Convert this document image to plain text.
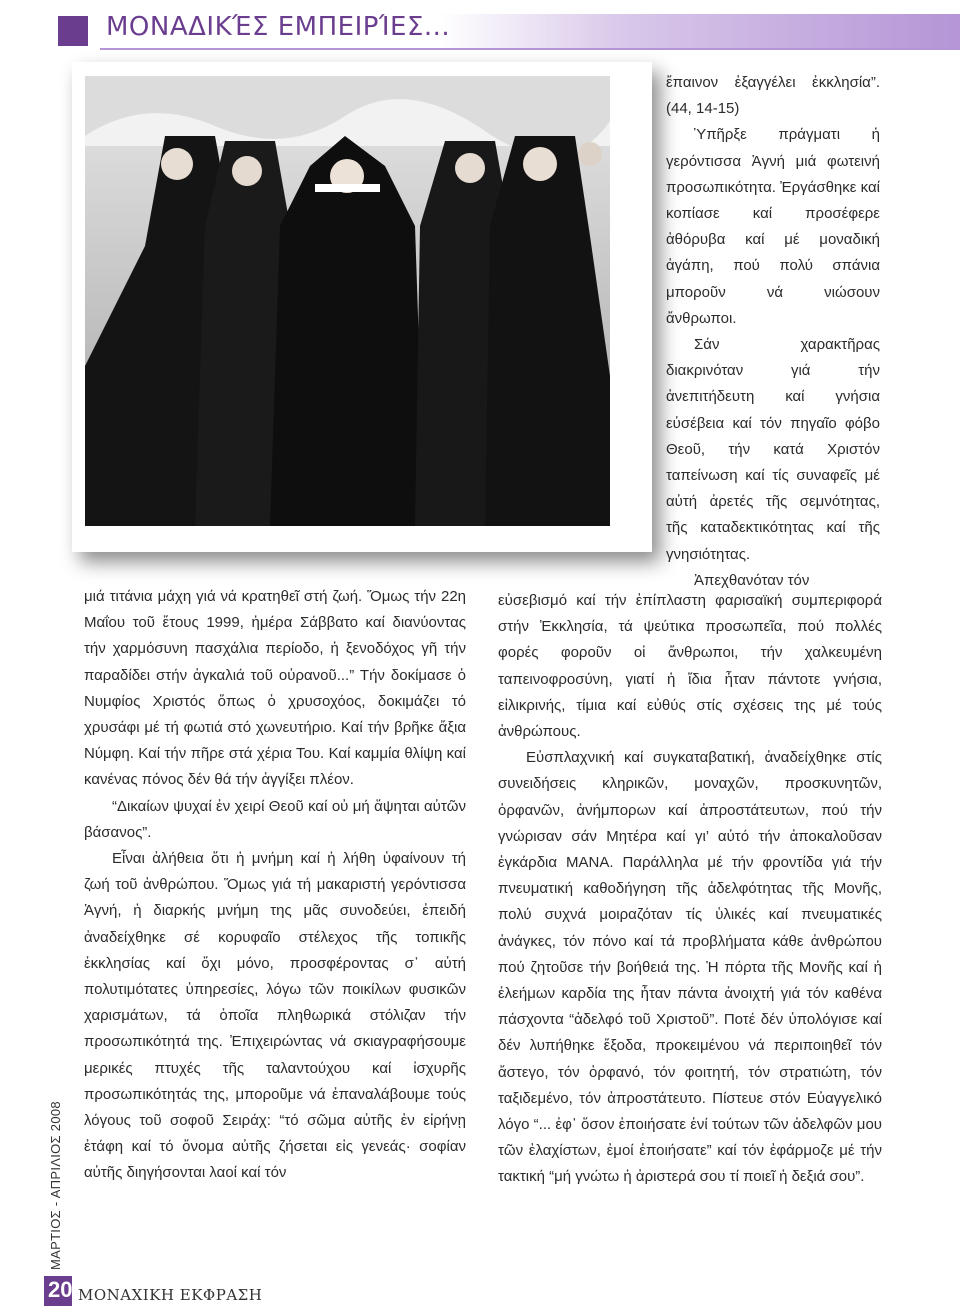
ΜΟΝΑΔΙΚΈΣ ΕΜΠΕΙΡΊΕΣ...

ἔπαινον ἐξαγγέλει ἐκκλησία”. (44, 14-15)

Ὑπῆρξε πράγματι ἡ γερόντισσα Ἁγνή μιά φωτεινή προσωπικότητα. Ἐργάσθηκε καί κοπίασε καί προσέφερε ἀθόρυβα καί μέ μοναδική ἀγάπη, πού πολύ σπάνια μποροῦν νά νιώσουν ἄνθρωποι.

Σάν χαρακτῆρας διακρινόταν γιά τήν ἀνεπιτήδευτη καί γνήσια εὐσέβεια καί τόν πηγαῖο φόβο Θεοῦ, τήν κατά Χριστόν ταπείνωση καί τίς συναφεῖς μέ αὐτή ἀρετές τῆς σεμνότητας, τῆς καταδεκτικότητας καί τῆς γνησιότητας.

Ἀπεχθανόταν τόν

εὐσεβισμό καί τήν ἐπίπλαστη φαρισαϊκή συμπεριφορά στήν Ἐκκλησία, τά ψεύτικα προσωπεῖα, πού πολλές φορές φοροῦν οἱ ἄνθρωποι, τήν χαλκευμένη ταπεινοφροσύνη, γιατί ἡ ἴδια ἦταν πάντοτε γνήσια, εἰλικρινής, τίμια καί εὐθύς στίς σχέσεις της μέ τούς ἀνθρώπους.

Εὐσπλαχνική καί συγκαταβατική, ἀναδείχθηκε στίς συνειδήσεις κληρικῶν, μοναχῶν, προσκυνητῶν, ὀρφανῶν, ἀνήμπορων καί ἀπροστάτευτων, πού τήν γνώρισαν σάν Μητέρα καί γι’ αὐτό τήν ἀποκαλοῦσαν ἐγκάρδια ΜΑΝΑ. Παράλληλα μέ τήν φροντίδα γιά τήν πνευματική καθοδήγηση τῆς ἀδελφότητας τῆς Μονῆς, πολύ συχνά μοιραζόταν τίς ὑλικές καί πνευματικές ἀνάγκες, τόν πόνο καί τά προβλήματα κάθε ἀνθρώπου πού ζητοῦσε τήν βοήθειά της. Ἡ πόρτα τῆς Μονῆς καί ἡ ἐλεήμων καρδία της ἦταν πάντα ἀνοιχτή γιά τόν καθένα πάσχοντα “ἀδελφό τοῦ Χριστοῦ”. Ποτέ δέν ὑπολόγισε καί δέν λυπήθηκε ἔξοδα, προκειμένου νά περιποιηθεῖ τόν ἄστεγο, τόν ὀρφανό, τόν φοιτητή, τόν στρατιώτη, τόν ταξιδεμένο, τόν ἀπροστάτευτο. Πίστευε στόν Εὐαγγελικό λόγο “... ἐφ᾿ ὅσον ἐποιήσατε ἑνί τούτων τῶν ἀδελφῶν μου τῶν ἐλαχίστων, ἐμοί ἐποιήσατε” καί τόν ἐφάρμοζε μέ τήν τακτική “μή γνώτω ἡ ἀριστερά σου τί ποιεῖ ἡ δεξιά σου”.

μιά τιτάνια μάχη γιά νά κρατηθεῖ στή ζωή. Ὅμως τήν 22η Μαΐου τοῦ ἔτους 1999, ἡμέρα Σάββατο καί διανύοντας τήν χαρμόσυνη πασχάλια περίοδο, ἡ ξενοδόχος γῆ τήν παραδίδει στήν ἀγκαλιά τοῦ οὐρανοῦ...” Τήν δοκίμασε ὁ Νυμφίος Χριστός ὅπως ὁ χρυσοχόος, δοκιμάζει τό χρυσάφι μέ τή φωτιά στό χωνευτήριο. Καί τήν βρῆκε ἄξια Νύμφη. Καί τήν πῆρε στά χέρια Του. Καί καμμία θλίψη καί κανένας πόνος δέν θά τήν ἀγγίξει πλέον.

“Δικαίων ψυχαί ἐν χειρί Θεοῦ καί οὐ μή ἅψηται αὐτῶν βάσανος”.

Εἶναι ἀλήθεια ὅτι ἡ μνήμη καί ἡ λήθη ὑφαίνουν τή ζωή τοῦ ἀνθρώπου. Ὅμως γιά τή μακαριστή γερόντισσα Ἁγνή, ἡ διαρκής μνήμη της μᾶς συνοδεύει, ἐπειδή ἀναδείχθηκε σέ κορυφαῖο στέλεχος τῆς τοπικῆς ἐκκλησίας καί ὄχι μόνο, προσφέροντας σ᾿ αὐτή πολυτιμότατες ὑπηρεσίες, λόγω τῶν ποικίλων φυσικῶν χαρισμάτων, τά ὁποῖα πληθωρικά στόλιζαν τήν προσωπικότητά της. Ἐπιχειρώντας νά σκιαγραφήσουμε μερικές πτυχές τῆς ταλαντούχου καί ἰσχυρῆς προσωπικότητάς της, μποροῦμε νά ἐπαναλάβουμε τούς λόγους τοῦ σοφοῦ Σειράχ: “τό σῶμα αὐτῆς ἐν εἰρήνῃ ἐτάφη καί τό ὄνομα αὐτῆς ζήσεται εἰς γενεάς· σοφίαν αὐτῆς διηγήσονται λαοί καί τόν

ΜΑΡΤΙΟΣ - ΑΠΡΙΛΙΟΣ 2008
20 ΜΟΝΑΧΙΚΗ ΕΚΦΡΑΣΗ
